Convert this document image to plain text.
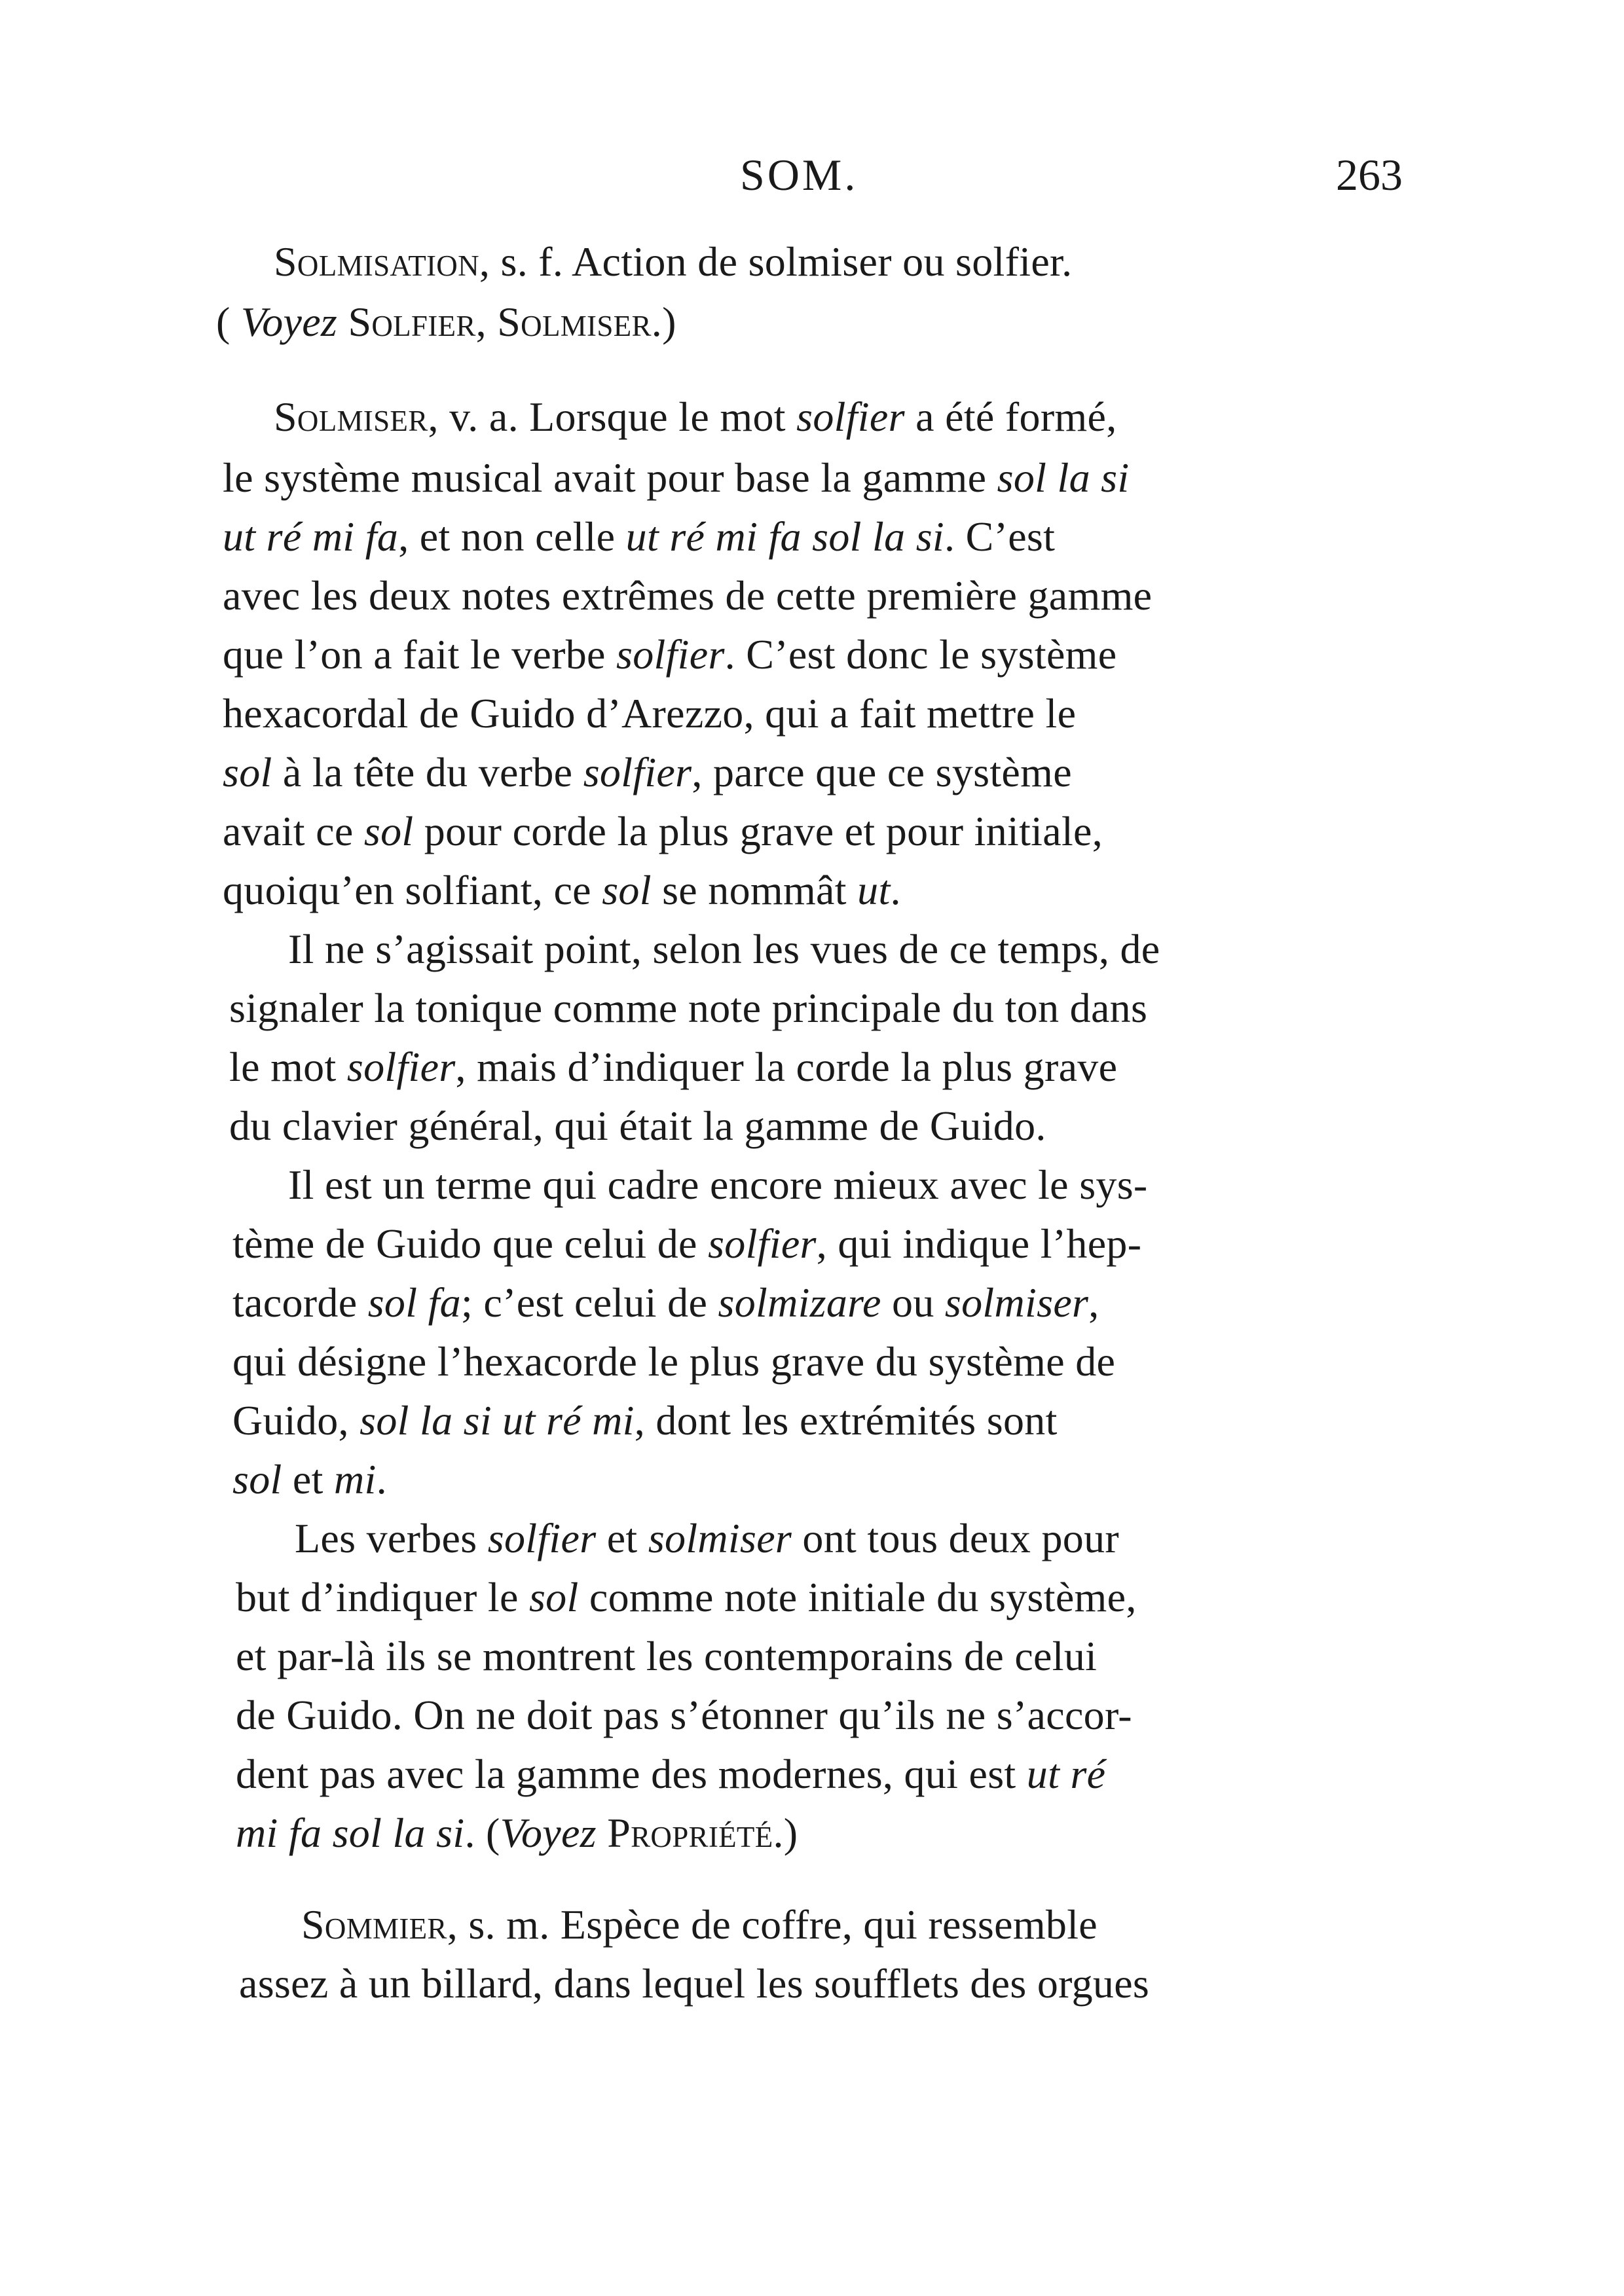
SOM.	263
Solmisation, s. f. Action de solmiser ou solfier.
( Voyez Solfier, Solmiser.)
Solmiser, v. a. Lorsque le mot solfier a été formé,
le système musical avait pour base la gamme sol la si
ut ré mi fa, et non celle ut ré mi fa sol la si. C’est
avec les deux notes extrêmes de cette première gamme
que l’on a fait le verbe solfier. C’est donc le système
hexacordal de Guido d’Arezzo, qui a fait mettre le
sol à la tête du verbe solfier, parce que ce système
avait ce sol pour corde la plus grave et pour initiale,
quoiqu’en solfiant, ce sol se nommât ut.
Il ne s’agissait point, selon les vues de ce temps, de
signaler la tonique comme note principale du ton dans
le mot solfier, mais d’indiquer la corde la plus grave
du clavier général, qui était la gamme de Guido.
Il est un terme qui cadre encore mieux avec le sys-
tème de Guido que celui de solfier, qui indique l’hep-
tacorde sol fa; c’est celui de solmizare ou solmiser,
qui désigne l’hexacorde le plus grave du système de
Guido, sol la si ut ré mi, dont les extrémités sont
sol et mi.
Les verbes solfier et solmiser ont tous deux pour
but d’indiquer le sol comme note initiale du système,
et par-là ils se montrent les contemporains de celui
de Guido. On ne doit pas s’étonner qu’ils ne s’accor-
dent pas avec la gamme des modernes, qui est ut ré
mi fa sol la si. (Voyez Propriété.)
Sommier, s. m. Espèce de coffre, qui ressemble
assez à un billard, dans lequel les soufflets des orgues
